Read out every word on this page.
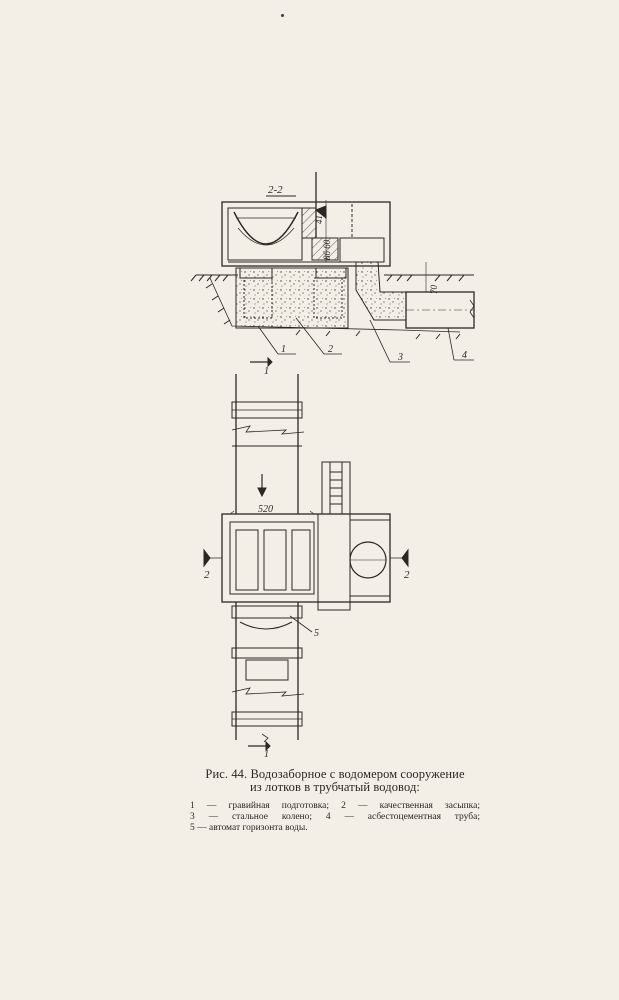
2-2
41
86 60
70
1	2
3	4
1
520
2	2
5
1
Рис. 44. Водозаборное с водомером сооружение
из лотков в трубчатый водовод:
1 — гравийная подготовка; 2 — качественная засыпка;
3 — стальное колено; 4 — асбестоцементная труба;
5 — автомат горизонта воды.
